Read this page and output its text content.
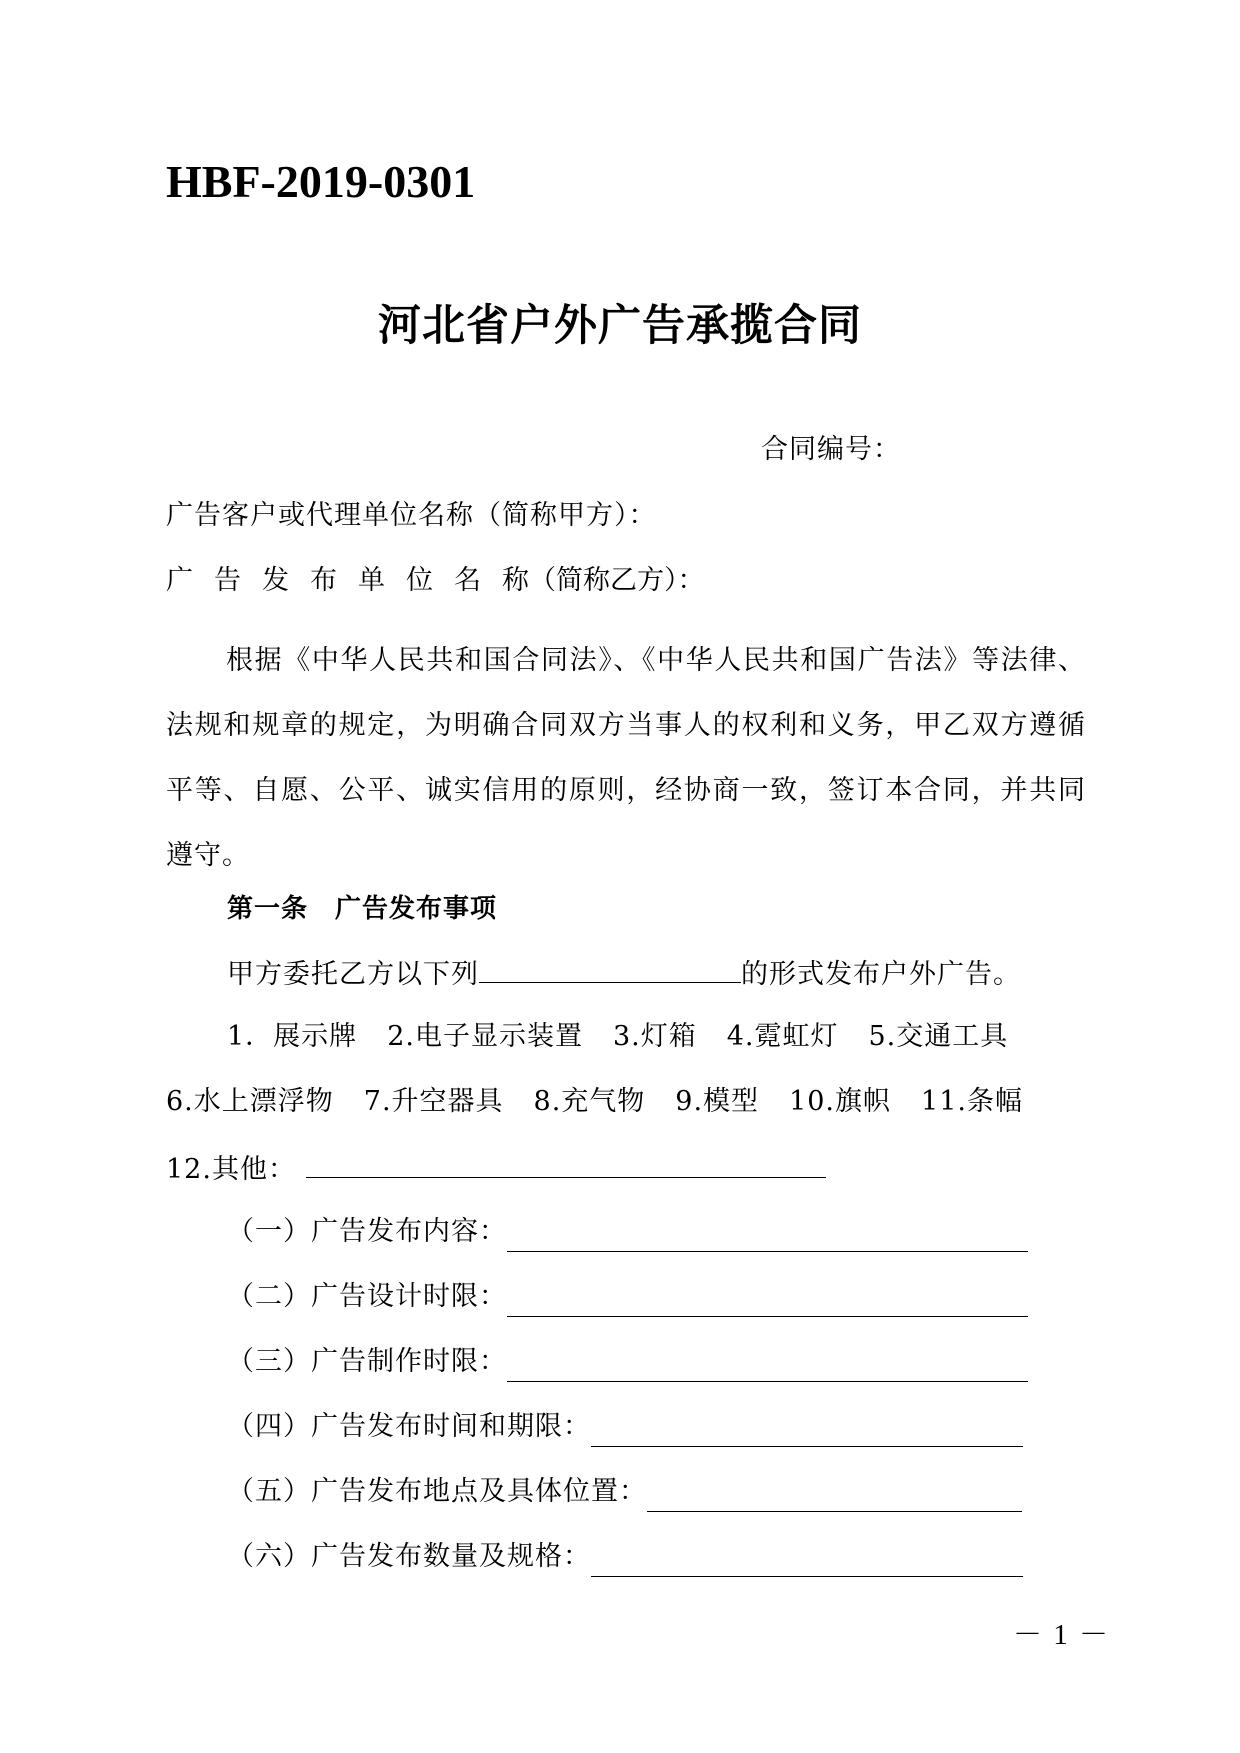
HBF-2019-0301
河北省户外广告承揽合同
合同编号：
广告客户或代理单位名称（简称甲方）：
广 告 发 布 单 位 名 称（简称乙方）：
根据《中华人民共和国合同法》、《中华人民共和国广告法》等法律、法规和规章的规定，为明确合同双方当事人的权利和义务，甲乙双方遵循平等、自愿、公平、诚实信用的原则，经协商一致，签订本合同，并共同遵守。
第一条　广告发布事项
甲方委托乙方以下列	的形式发布户外广告。
1．展示牌 2.电子显示装置 3.灯箱 4.霓虹灯 5.交通工具
6.水上漂浮物 7.升空器具 8.充气物 9.模型 10.旗帜 11.条幅
12.其他：
（一）广告发布内容：
（二）广告设计时限：
（三）广告制作时限：
（四）广告发布时间和期限：
（五）广告发布地点及具体位置：
（六）广告发布数量及规格：
－ 1 －
